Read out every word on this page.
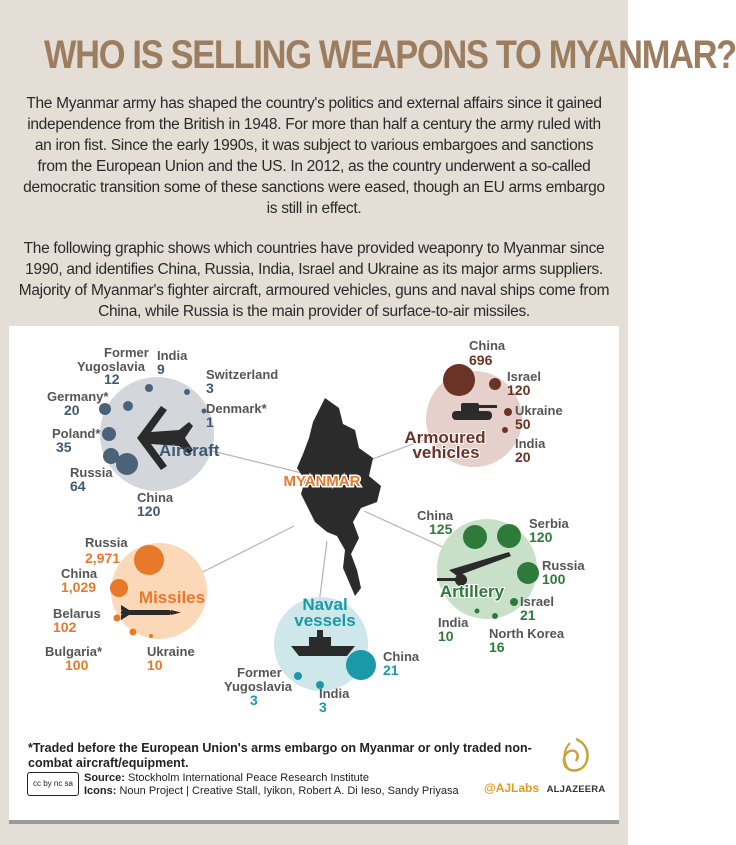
WHO IS SELLING WEAPONS TO MYANMAR?
The Myanmar army has shaped the country's politics and external affairs since it gained independence from the British in 1948. For more than half a century the army ruled with an iron fist. Since the early 1990s, it was subject to various embargoes and sanctions from the European Union and the US. In 2012, as the country underwent a so-called democratic transition some of these sanctions were eased, though an EU arms embargo is still in effect.
The following graphic shows which countries have provided weaponry to Myanmar since 1990, and identifies China, Russia, India, Israel and Ukraine as its major arms suppliers. Majority of Myanmar's fighter aircraft, armoured vehicles, guns and naval ships come from China, while Russia is the main provider of surface-to-air missiles.
MYANMAR
Aircraft
Former Yugoslavia
12
India
9	Switzerland
3
Germany*
20	Denmark*
1
Poland*
35
Russia
64
China
120
China
696
Israel
120
Ukraine
50
India
20
Armoured
vehicles
Russia
2,971
China
1,029
Belarus
102
Bulgaria*
100
Ukraine
10
Missiles
China
21
Former
Yugoslavia
3	India
3
Naval
vessels
China
125	Serbia
120
Russia
100
Israel
21
India
10	North Korea
16
Artillery
*Traded before the European Union's arms embargo on Myanmar or only traded non-combat aircraft/equipment.
cc by nc sa	Source: Stockholm International Peace Research Institute
Icons: Noun Project | Creative Stall, Iyikon, Robert A. Di Ieso, Sandy Priyasa @AJLabs ALJAZEERA
